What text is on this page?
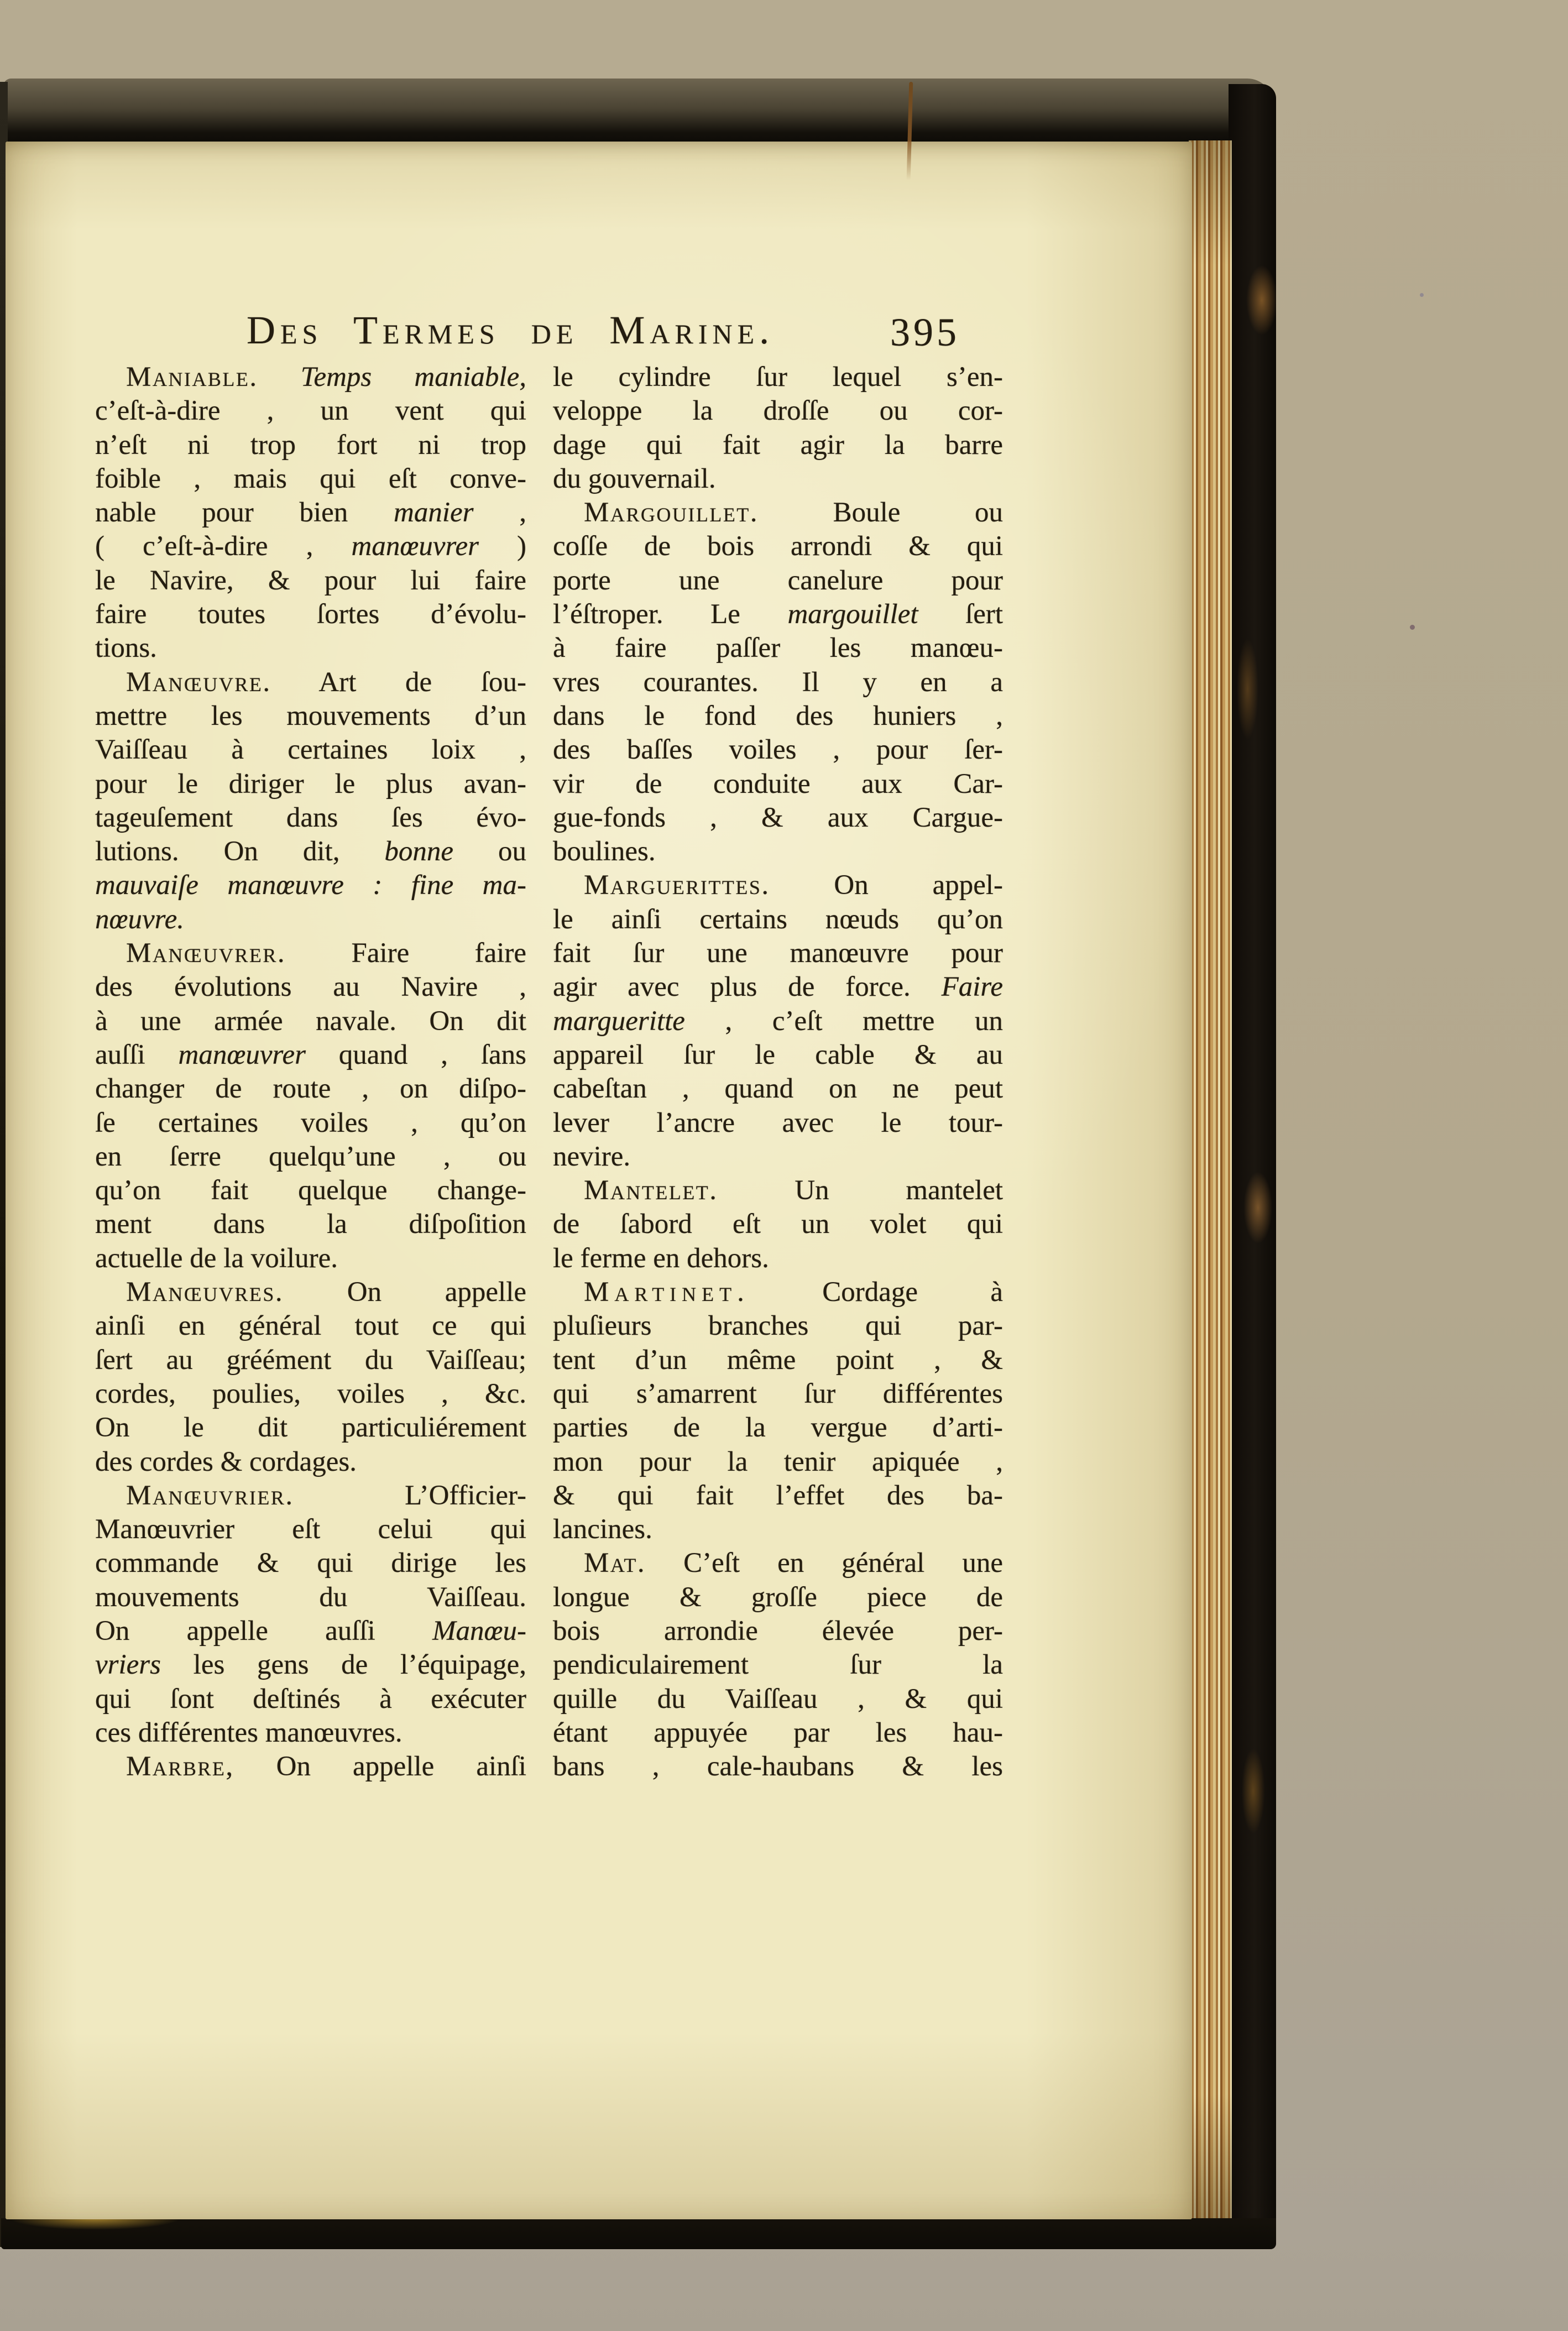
Des Termes de Marine.	395
Maniable. Temps maniable,
c’eſt-à-dire , un vent qui
n’eſt ni trop fort ni trop
foible , mais qui eſt conve-
nable pour bien manier ,
( c’eſt-à-dire , manœuvrer )
le Navire, & pour lui faire
faire toutes ſortes d’évolu-
tions.
Manœuvre. Art de ſou-
mettre les mouvements d’un
Vaiſſeau à certaines loix ,
pour le diriger le plus avan-
tageuſement dans ſes évo-
lutions. On dit, bonne ou
mauvaiſe manœuvre : fine ma-
nœuvre.
Manœuvrer. Faire faire
des évolutions au Navire ,
à une armée navale. On dit
auſſi manœuvrer quand , ſans
changer de route , on diſpo-
ſe certaines voiles , qu’on
en ſerre quelqu’une , ou
qu’on fait quelque change-
ment dans la diſpoſition
actuelle de la voilure.
Manœuvres. On appelle
ainſi en général tout ce qui
ſert au gréément du Vaiſſeau;
cordes, poulies, voiles , &c.
On le dit particuliérement
des cordes & cordages.
Manœuvrier. L’Officier-
Manœuvrier eſt celui qui
commande & qui dirige les
mouvements du Vaiſſeau.
On appelle auſſi Manœu-
vriers les gens de l’équipage,
qui ſont deſtinés à exécuter
ces différentes manœuvres.
Marbre, On appelle ainſi
le cylindre ſur lequel s’en-
veloppe la droſſe ou cor-
dage qui fait agir la barre
du gouvernail.
Margouillet. Boule ou
coſſe de bois arrondi & qui
porte une canelure pour
l’éſtroper. Le margouillet ſert
à faire paſſer les manœu-
vres courantes. Il y en a
dans le fond des huniers ,
des baſſes voiles , pour ſer-
vir de conduite aux Car-
gue-fonds , & aux Cargue-
boulines.
Marguerittes. On appel-
le ainſi certains nœuds qu’on
fait ſur une manœuvre pour
agir avec plus de force. Faire
margueritte , c’eſt mettre un
appareil ſur le cable & au
cabeſtan , quand on ne peut
lever l’ancre avec le tour-
nevire.
Mantelet. Un mantelet
de ſabord eſt un volet qui
le ferme en dehors.
Martinet. Cordage à
pluſieurs branches qui par-
tent d’un même point , &
qui s’amarrent ſur différentes
parties de la vergue d’arti-
mon pour la tenir apiquée ,
& qui fait l’effet des ba-
lancines.
Mat. C’eſt en général une
longue & groſſe piece de
bois arrondie élevée per-
pendiculairement ſur la
quille du Vaiſſeau , & qui
étant appuyée par les hau-
bans , cale-haubans & les
